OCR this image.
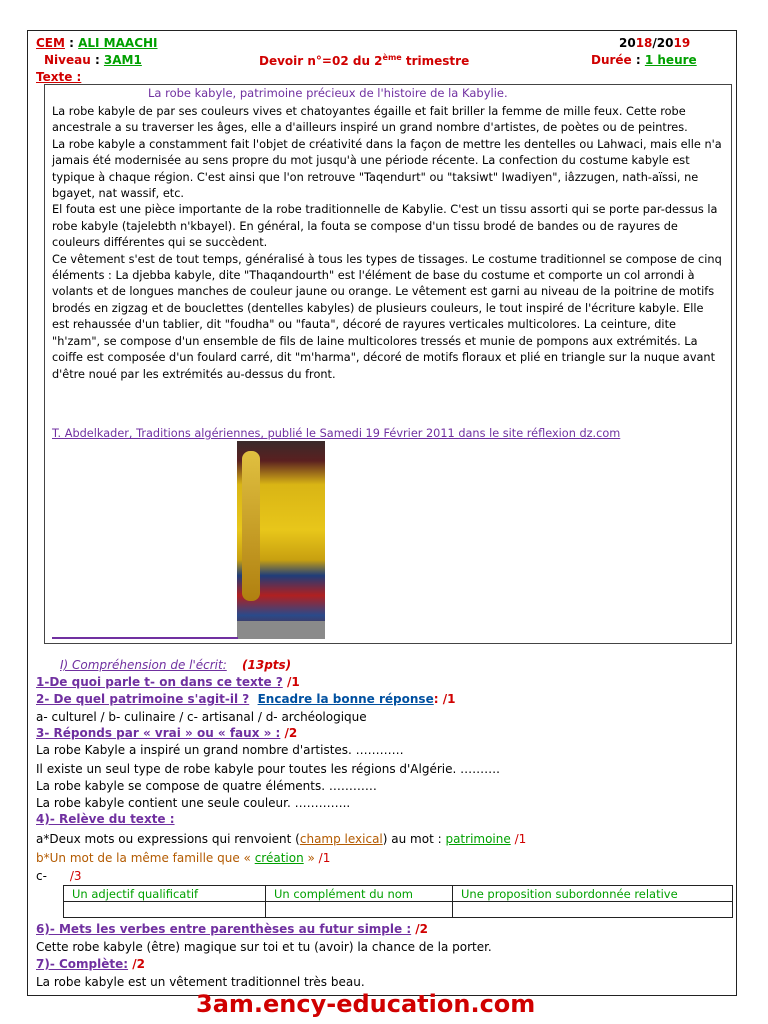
CEM : ALI MAACHI	2018/2019
Niveau : 3AM1	Devoir n°=02 du 2ème trimestre	Durée : 1 heure
Texte :
La robe kabyle, patrimoine précieux de l'histoire de la Kabylie.

La robe kabyle de par ses couleurs vives et chatoyantes égaille et fait briller la femme de mille feux. Cette robe ancestrale a su traverser les âges, elle a d'ailleurs inspiré un grand nombre d'artistes, de poètes ou de peintres.

La robe kabyle a constamment fait l'objet de créativité dans la façon de mettre les dentelles ou Lahwaci, mais elle n'a jamais été modernisée au sens propre du mot jusqu'à une période récente. La confection du costume kabyle est typique à chaque région. C'est ainsi que l'on retrouve "Taqendurt" ou "taksiwt" Iwadiyen", iâzzugen, nath-aïssi, ne bgayet, nat wassif, etc.

El fouta est une pièce importante de la robe traditionnelle de Kabylie. C'est un tissu assorti qui se porte par-dessus la robe kabyle (tajelebth n'kbayel). En général, la fouta se compose d'un tissu brodé de bandes ou de rayures de couleurs différentes qui se succèdent.

Ce vêtement s'est de tout temps, généralisé à tous les types de tissages. Le costume traditionnel se compose de cinq éléments : La djebba kabyle, dite "Thaqandourth" est l'élément de base du costume et comporte un col arrondi à volants et de longues manches de couleur jaune ou orange. Le vêtement est garni au niveau de la poitrine de motifs brodés en zigzag et de bouclettes (dentelles kabyles) de plusieurs couleurs, le tout inspiré de l'écriture kabyle. Elle est rehaussée d'un tablier, dit "foudha" ou "fauta", décoré de rayures verticales multicolores. La ceinture, dite "h'zam", se compose d'un ensemble de fils de laine multicolores tressés et munie de pompons aux extrémités. La coiffe est composée d'un foulard carré, dit "m'harma", décoré de motifs floraux et plié en triangle sur la nuque avant d'être noué par les extrémités au-dessus du front.

T. Abdelkader, Traditions algériennes, publié le Samedi 19 Février 2011 dans le site réflexion dz.com
I) Compréhension de l'écrit: (13pts)
1-De quoi parle t- on dans ce texte ? /1
2- De quel patrimoine s'agit-il ? Encadre la bonne réponse: /1
a- culturel / b- culinaire / c- artisanal / d- archéologique
3- Réponds par « vrai » ou « faux » : /2
La robe Kabyle a inspiré un grand nombre d'artistes. …………
Il existe un seul type de robe kabyle pour toutes les régions d'Algérie. ……….
La robe kabyle se compose de quatre éléments. …………
La robe kabyle contient une seule couleur. …………..
4)- Relève du texte :
a*Deux mots ou expressions qui renvoient (champ lexical) au mot : patrimoine /1
b*Un mot de la même famille que « création » /1
c- /3
Un adjectif qualificatif	Un complément du nom	Une proposition subordonnée relative

6)- Mets les verbes entre parenthèses au futur simple : /2
Cette robe kabyle (être) magique sur toi et tu (avoir) la chance de la porter.
7)- Complète: /2
La robe kabyle est un vêtement traditionnel très beau.
3am.ency-education.com
